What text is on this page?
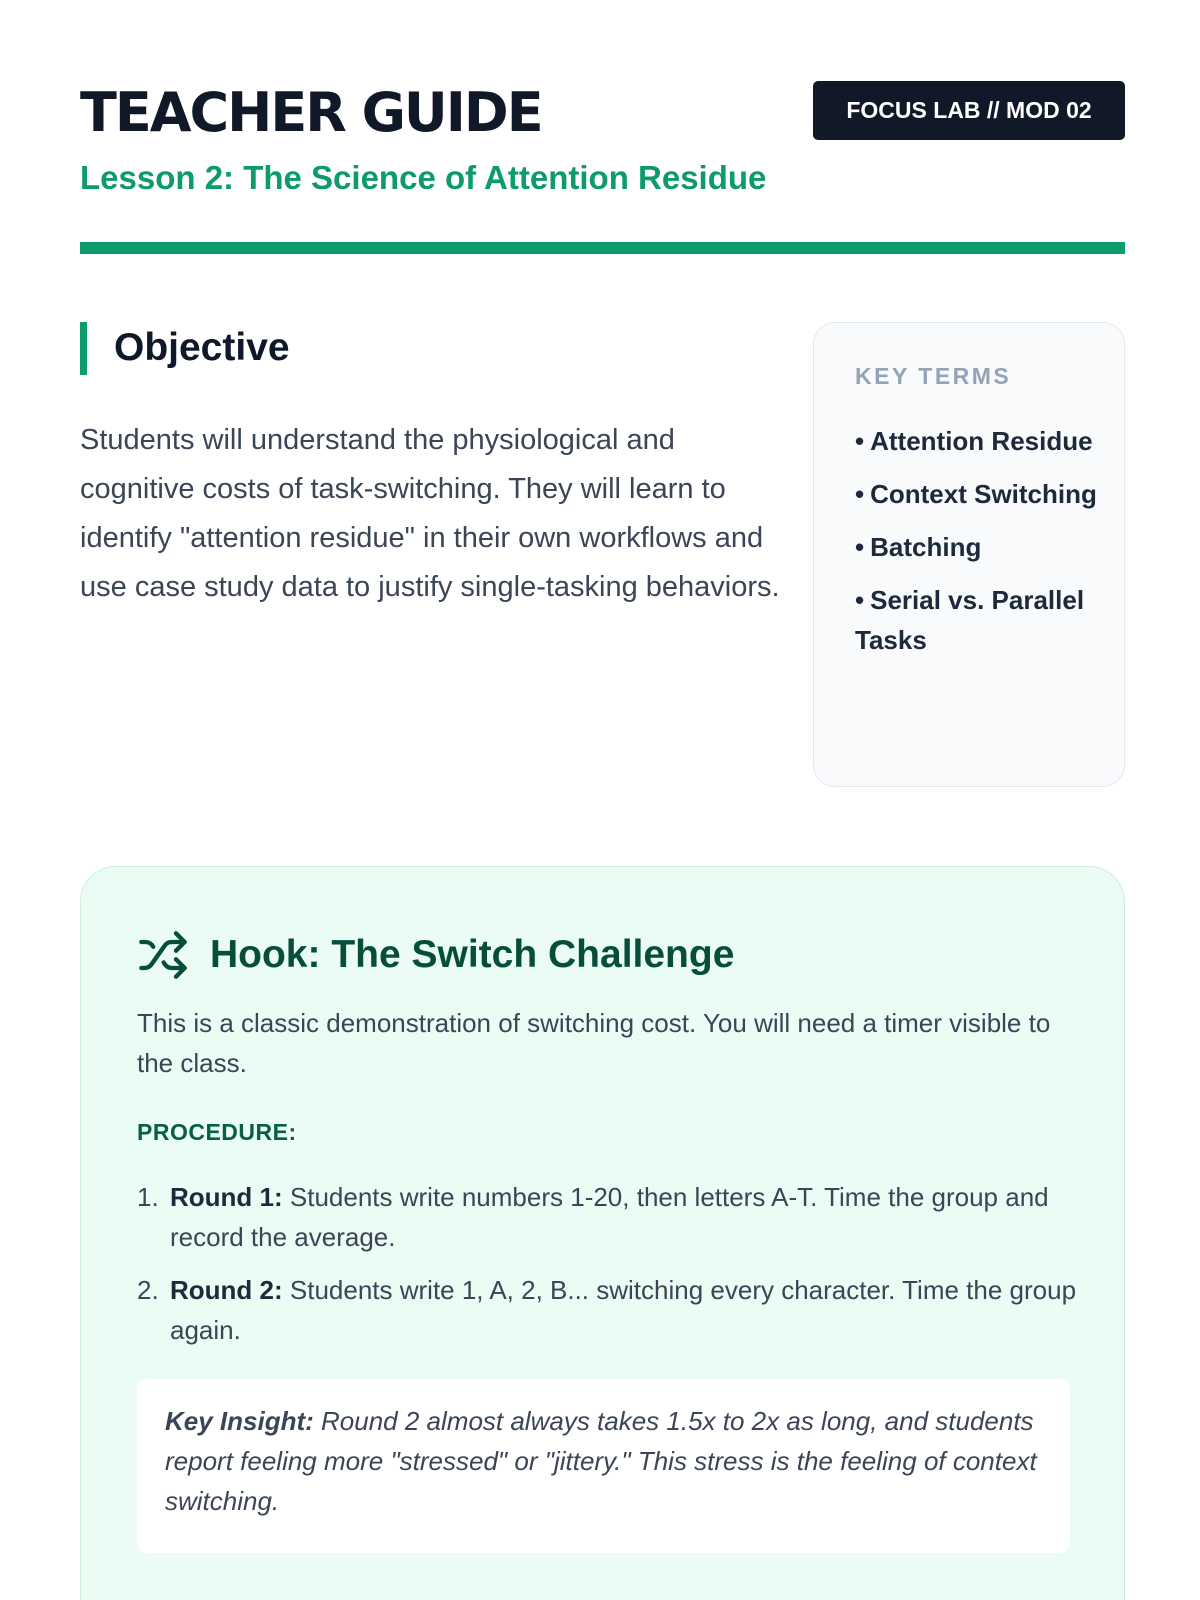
TEACHER GUIDE	FOCUS LAB // MOD 02
Lesson 2: The Science of Attention Residue
Objective

Students will understand the physiological and cognitive costs of task-switching. They will learn to identify "attention residue" in their own workflows and use case study data to justify single-tasking behaviors.

KEY TERMS
• Attention Residue
• Context Switching
• Batching
• Serial vs. Parallel Tasks
Hook: The Switch Challenge

This is a classic demonstration of switching cost. You will need a timer visible to the class.

PROCEDURE:
1. Round 1: Students write numbers 1-20, then letters A-T. Time the group and record the average.
2. Round 2: Students write 1, A, 2, B... switching every character. Time the group again.
Key Insight: Round 2 almost always takes 1.5x to 2x as long, and students report feeling more "stressed" or "jittery." This stress is the feeling of context switching.
